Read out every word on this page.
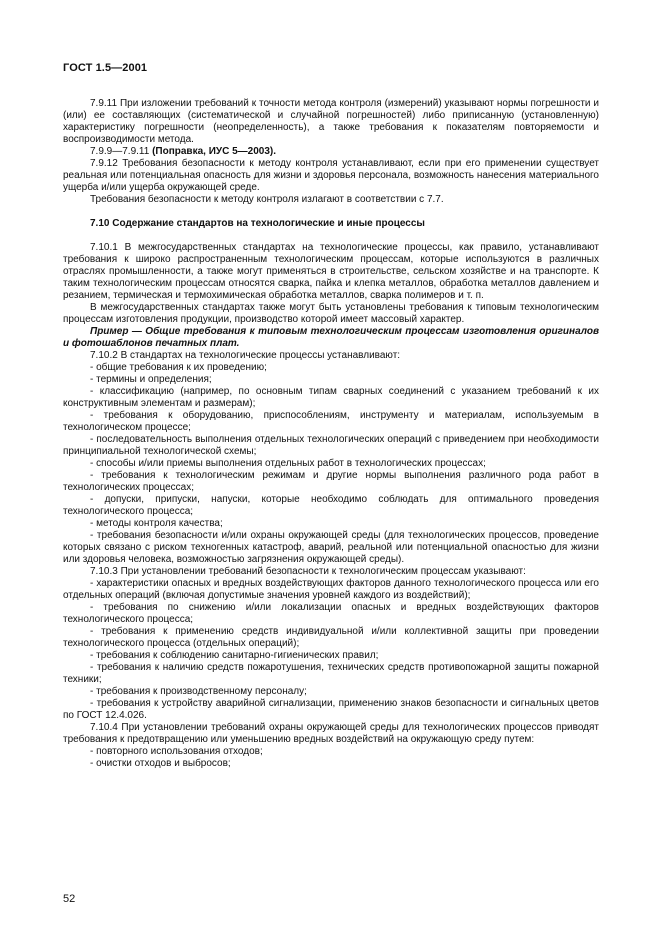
ГОСТ 1.5—2001

7.9.11 При изложении требований к точности метода контроля (измерений) указывают нормы погрешности и (или) ее составляющих (систематической и случайной погрешностей) либо приписанную (установленную) характеристику погрешности (неопределенность), а также требования к показателям повторяемости и воспроизводимости метода.

7.9.9—7.9.11 (Поправка, ИУС 5—2003).

7.9.12 Требования безопасности к методу контроля устанавливают, если при его применении существует реальная или потенциальная опасность для жизни и здоровья персонала, возможность нанесения материального ущерба и/или ущерба окружающей среде.

Требования безопасности к методу контроля излагают в соответствии с 7.7.

7.10 Содержание стандартов на технологические и иные процессы

7.10.1 В межгосударственных стандартах на технологические процессы, как правило, устанавливают требования к широко распространенным технологическим процессам, которые используются в различных отраслях промышленности, а также могут применяться в строительстве, сельском хозяйстве и на транспорте. К таким технологическим процессам относятся сварка, пайка и клепка металлов, обработка металлов давлением и резанием, термическая и термохимическая обработка металлов, сварка полимеров и т. п.

В межгосударственных стандартах также могут быть установлены требования к типовым технологическим процессам изготовления продукции, производство которой имеет массовый характер.

Пример — Общие требования к типовым технологическим процессам изготовления оригиналов и фотошаблонов печатных плат.

7.10.2 В стандартах на технологические процессы устанавливают:

- общие требования к их проведению;

- термины и определения;

- классификацию (например, по основным типам сварных соединений с указанием требований к их конструктивным элементам и размерам);

- требования к оборудованию, приспособлениям, инструменту и материалам, используемым в технологическом процессе;

- последовательность выполнения отдельных технологических операций с приведением при необходимости принципиальной технологической схемы;

- способы и/или приемы выполнения отдельных работ в технологических процессах;

- требования к технологическим режимам и другие нормы выполнения различного рода работ в технологических процессах;

- допуски, припуски, напуски, которые необходимо соблюдать для оптимального проведения технологического процесса;

- методы контроля качества;

- требования безопасности и/или охраны окружающей среды (для технологических процессов, проведение которых связано с риском техногенных катастроф, аварий, реальной или потенциальной опасностью для жизни или здоровья человека, возможностью загрязнения окружающей среды).

7.10.3 При установлении требований безопасности к технологическим процессам указывают:

- характеристики опасных и вредных воздействующих факторов данного технологического процесса или его отдельных операций (включая допустимые значения уровней каждого из воздействий);

- требования по снижению и/или локализации опасных и вредных воздействующих факторов технологического процесса;

- требования к применению средств индивидуальной и/или коллективной защиты при проведении технологического процесса (отдельных операций);

- требования к соблюдению санитарно-гигиенических правил;

- требования к наличию средств пожаротушения, технических средств противопожарной защиты пожарной техники;

- требования к производственному персоналу;

- требования к устройству аварийной сигнализации, применению знаков безопасности и сигнальных цветов по ГОСТ 12.4.026.

7.10.4 При установлении требований охраны окружающей среды для технологических процессов приводят требования к предотвращению или уменьшению вредных воздействий на окружающую среду путем:

- повторного использования отходов;

- очистки отходов и выбросов;

52
